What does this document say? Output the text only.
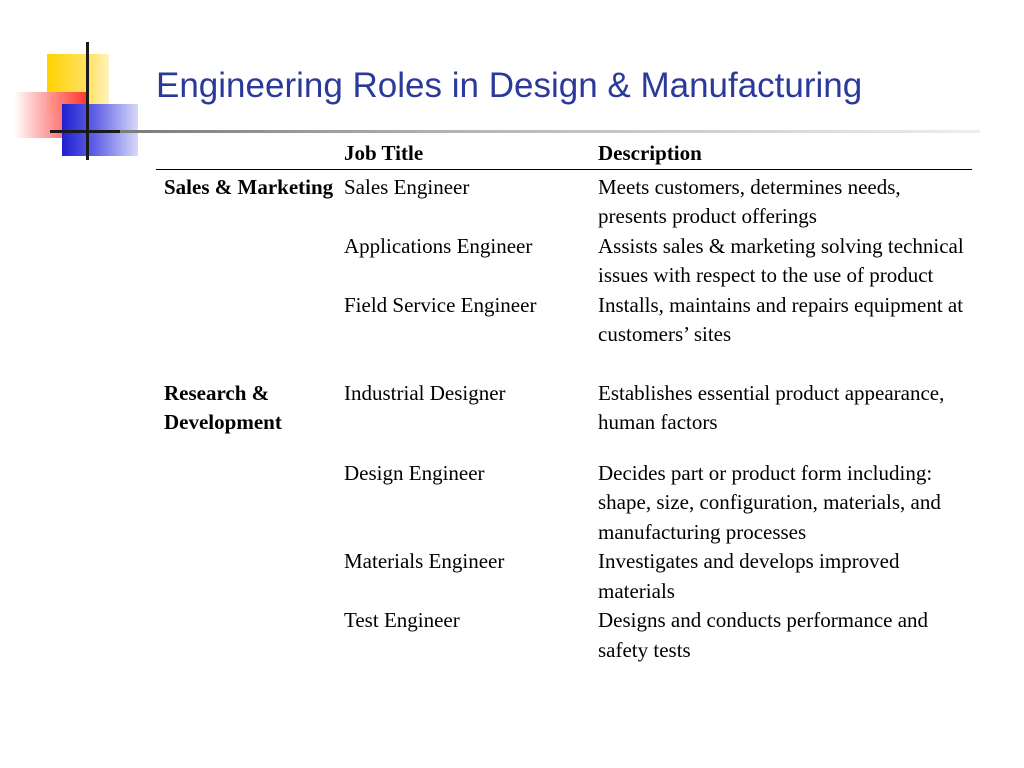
Engineering Roles in Design & Manufacturing
	Job Title	Description
Sales & Marketing	Sales Engineer	Meets customers, determines needs, presents product offerings
	Applications Engineer	Assists sales & marketing solving technical issues with respect to the use of product
	Field Service Engineer	Installs, maintains and repairs equipment at customers’ sites
Research & Development	Industrial Designer	Establishes essential product appearance, human factors
	Design Engineer	Decides part or product form including: shape, size, configuration, materials, and manufacturing processes
	Materials Engineer	Investigates and develops improved materials
	Test Engineer	Designs and conducts performance and safety tests
